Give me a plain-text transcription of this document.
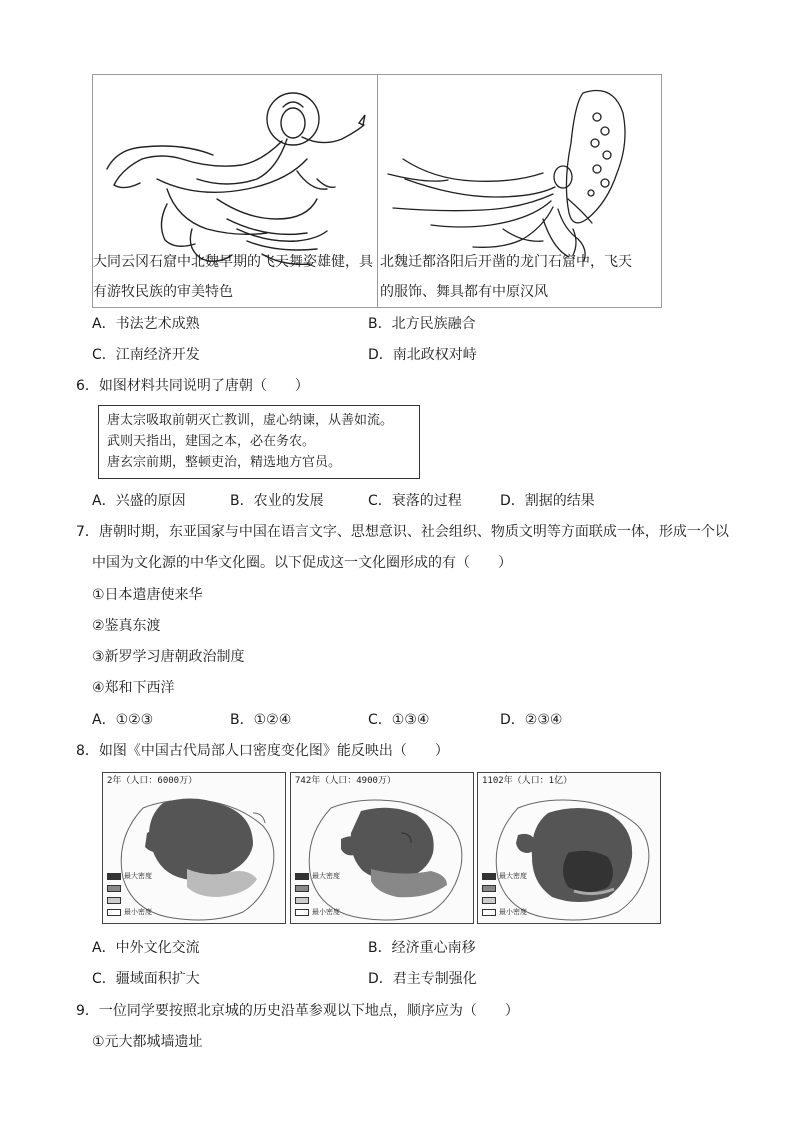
大同云冈石窟中北魏早期的飞天舞姿雄健，具
有游牧民族的审美特色
北魏迁都洛阳后开凿的龙门石窟中，飞天
的服饰、舞具都有中原汉风
A．书法艺术成熟	B．北方民族融合
C．江南经济开发	D．南北政权对峙
6．如图材料共同说明了唐朝（　　）
唐太宗吸取前朝灭亡教训，虚心纳谏，从善如流。
武则天指出，建国之本，必在务农。
唐玄宗前期，整顿吏治，精选地方官员。
A．兴盛的原因	B．农业的发展	C．衰落的过程	D．割据的结果
7．唐朝时期，东亚国家与中国在语言文字、思想意识、社会组织、物质文明等方面联成一体，形成一个以
中国为文化源的中华文化圈。以下促成这一文化圈形成的有（　　）
①日本遣唐使来华
②鉴真东渡
③新罗学习唐朝政治制度
④郑和下西洋
A．①②③	B．①②④	C．①③④	D．②③④
8．如图《中国古代局部人口密度变化图》能反映出（　　）
2年（人口：6000万）
最大密度
最小密度
742年（人口：4900万）
最大密度
最小密度
1102年（人口：1亿）
最大密度
最小密度
A．中外文化交流	B．经济重心南移
C．疆域面积扩大	D．君主专制强化
9．一位同学要按照北京城的历史沿革参观以下地点，顺序应为（　　）
①元大都城墙遗址
